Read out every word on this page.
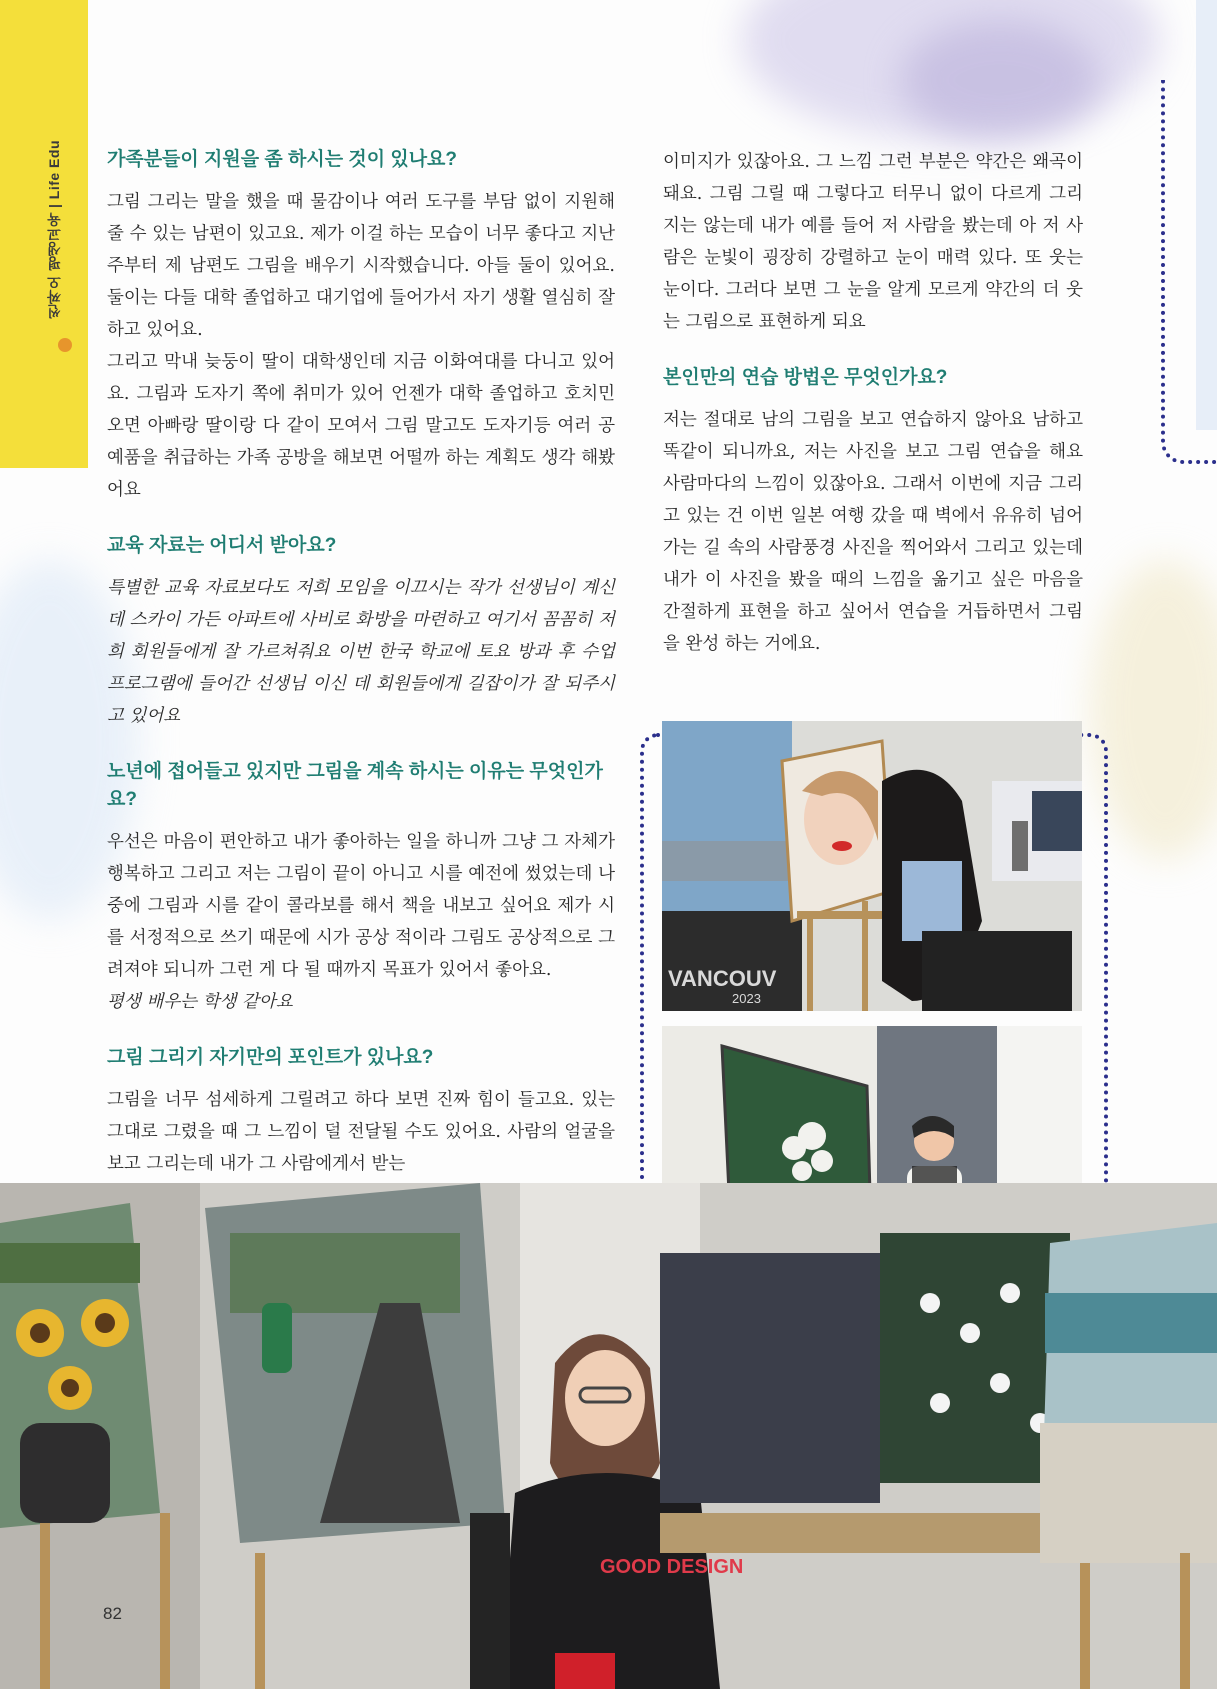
씬짜오 평생교육 | Life Edu 가족분들이 지원을 좀 하시는 것이 있나요?

그림 그리는 말을 했을 때 물감이나 여러 도구를 부담 없이 지원해 줄 수 있는 남편이 있고요. 제가 이걸 하는 모습이 너무 좋다고 지난주부터 제 남편도 그림을 배우기 시작했습니다. 아들 둘이 있어요. 둘이는 다들 대학 졸업하고 대기업에 들어가서 자기 생활 열심히 잘 하고 있어요.

그리고 막내 늦둥이 딸이 대학생인데 지금 이화여대를 다니고 있어요. 그림과 도자기 쪽에 취미가 있어 언젠가 대학 졸업하고 호치민 오면 아빠랑 딸이랑 다 같이 모여서 그림 말고도 도자기등 여러 공예품을 취급하는 가족 공방을 해보면 어떨까 하는 계획도 생각 해봤어요

교육 자료는 어디서 받아요?

특별한 교육 자료보다도 저희 모임을 이끄시는 작가 선생님이 계신데 스카이 가든 아파트에 사비로 화방을 마련하고 여기서 꼼꼼히 저희 회원들에게 잘 가르쳐줘요 이번 한국 학교에 토요 방과 후 수업 프로그램에 들어간 선생님 이신 데 회원들에게 길잡이가 잘 되주시고 있어요

노년에 접어들고 있지만 그림을 계속 하시는 이유는 무엇인가요?

우선은 마음이 편안하고 내가 좋아하는 일을 하니까 그냥 그 자체가 행복하고 그리고 저는 그림이 끝이 아니고 시를 예전에 썼었는데 나중에 그림과 시를 같이 콜라보를 해서 책을 내보고 싶어요 제가 시를 서정적으로 쓰기 때문에 시가 공상 적이라 그림도 공상적으로 그려져야 되니까 그런 게 다 될 때까지 목표가 있어서 좋아요.

평생 배우는 학생 같아요

그림 그리기 자기만의 포인트가 있나요?

그림을 너무 섬세하게 그릴려고 하다 보면 진짜 힘이 들고요. 있는 그대로 그렸을 때 그 느낌이 덜 전달될 수도 있어요. 사람의 얼굴을 보고 그리는데 내가 그 사람에게서 받는

이미지가 있잖아요. 그 느낌 그런 부분은 약간은 왜곡이 돼요. 그림 그릴 때 그렇다고 터무니 없이 다르게 그리지는 않는데 내가 예를 들어 저 사람을 봤는데 아 저 사람은 눈빛이 굉장히 강렬하고 눈이 매력 있다. 또 웃는 눈이다. 그러다 보면 그 눈을 알게 모르게 약간의 더 웃는 그림으로 표현하게 되요

본인만의 연습 방법은 무엇인가요?

저는 절대로 남의 그림을 보고 연습하지 않아요 남하고 똑같이 되니까요, 저는 사진을 보고 그림 연습을 해요 사람마다의 느낌이 있잖아요. 그래서 이번에 지금 그리고 있는 건 이번 일본 여행 갔을 때 벽에서 유유히 넘어 가는 길 속의 사람풍경 사진을 찍어와서 그리고 있는데 내가 이 사진을 봤을 때의 느낌을 옮기고 싶은 마음을 간절하게 표현을 하고 싶어서 연습을 거듭하면서 그림을 완성 하는 거에요.

VANCOUV
2023
GOOD DESIGN
82
